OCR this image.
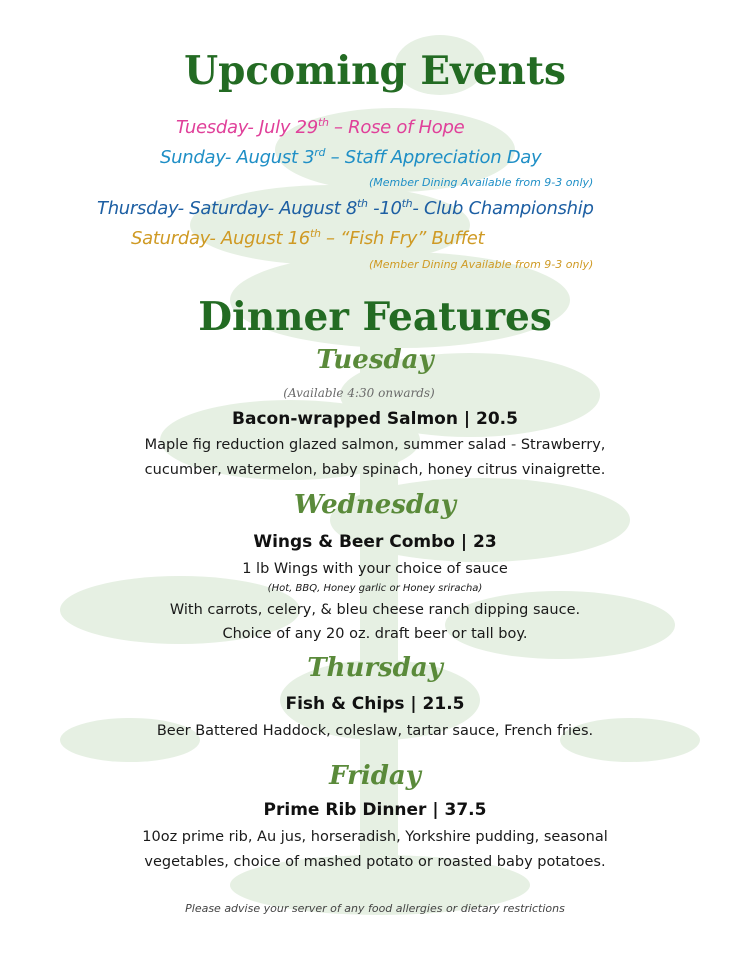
Upcoming Events
Tuesday- July 29th – Rose of Hope
Sunday- August 3rd – Staff Appreciation Day
(Member Dining Available from 9-3 only)
Thursday- Saturday- August 8th -10th- Club Championship
Saturday- August 16th – “Fish Fry” Buffet
(Member Dining Available from 9-3 only)
Dinner Features
Tuesday
(Available 4:30 onwards)
Bacon-wrapped Salmon | 20.5
Maple fig reduction glazed salmon, summer salad - Strawberry,
cucumber, watermelon, baby spinach, honey citrus vinaigrette.
Wednesday
Wings & Beer Combo | 23
1 lb Wings with your choice of sauce
(Hot, BBQ, Honey garlic or Honey sriracha)
With carrots, celery, & bleu cheese ranch dipping sauce.
Choice of any 20 oz. draft beer or tall boy.
Thursday
Fish & Chips | 21.5
Beer Battered Haddock, coleslaw, tartar sauce, French fries.
Friday
Prime Rib Dinner | 37.5
10oz prime rib, Au jus, horseradish, Yorkshire pudding, seasonal
vegetables, choice of mashed potato or roasted baby potatoes.
Please advise your server of any food allergies or dietary restrictions
